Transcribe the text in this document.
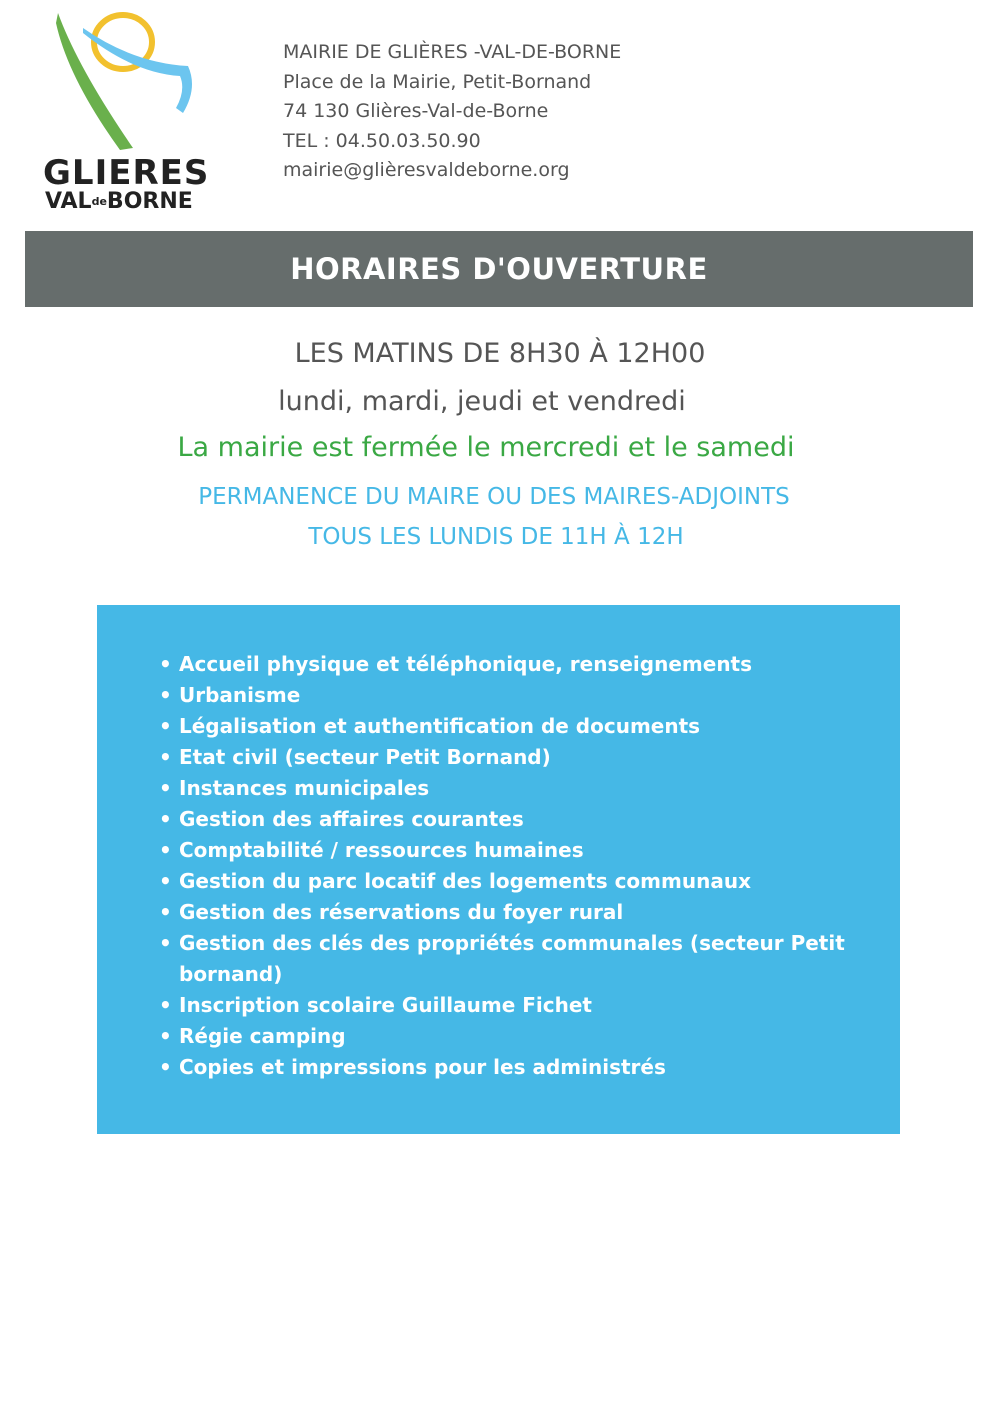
GLIERES
$VAL^{de}BORNE$
MAIRIE DE GLIÈRES -VAL-DE-BORNE
Place de la Mairie, Petit-Bornand
74 130 Glières-Val-de-Borne
TEL : 04.50.03.50.90
mairie@glièresvaldeborne.org
HORAIRES D'OUVERTURE
LES MATINS DE 8H30 À 12H00
lundi, mardi, jeudi et vendredi
La mairie est fermée le mercredi et le samedi
PERMANENCE DU MAIRE OU DES MAIRES-ADJOINTS
TOUS LES LUNDIS DE 11H À 12H
• Accueil physique et téléphonique, renseignements
• Urbanisme
• Légalisation et authentification de documents
• Etat civil (secteur Petit Bornand)
• Instances municipales
• Gestion des affaires courantes
• Comptabilité / ressources humaines
• Gestion du parc locatif des logements communaux
• Gestion des réservations du foyer rural
• Gestion des clés des propriétés communales (secteur Petit bornand)
• Inscription scolaire Guillaume Fichet
• Régie camping
• Copies et impressions pour les administrés
